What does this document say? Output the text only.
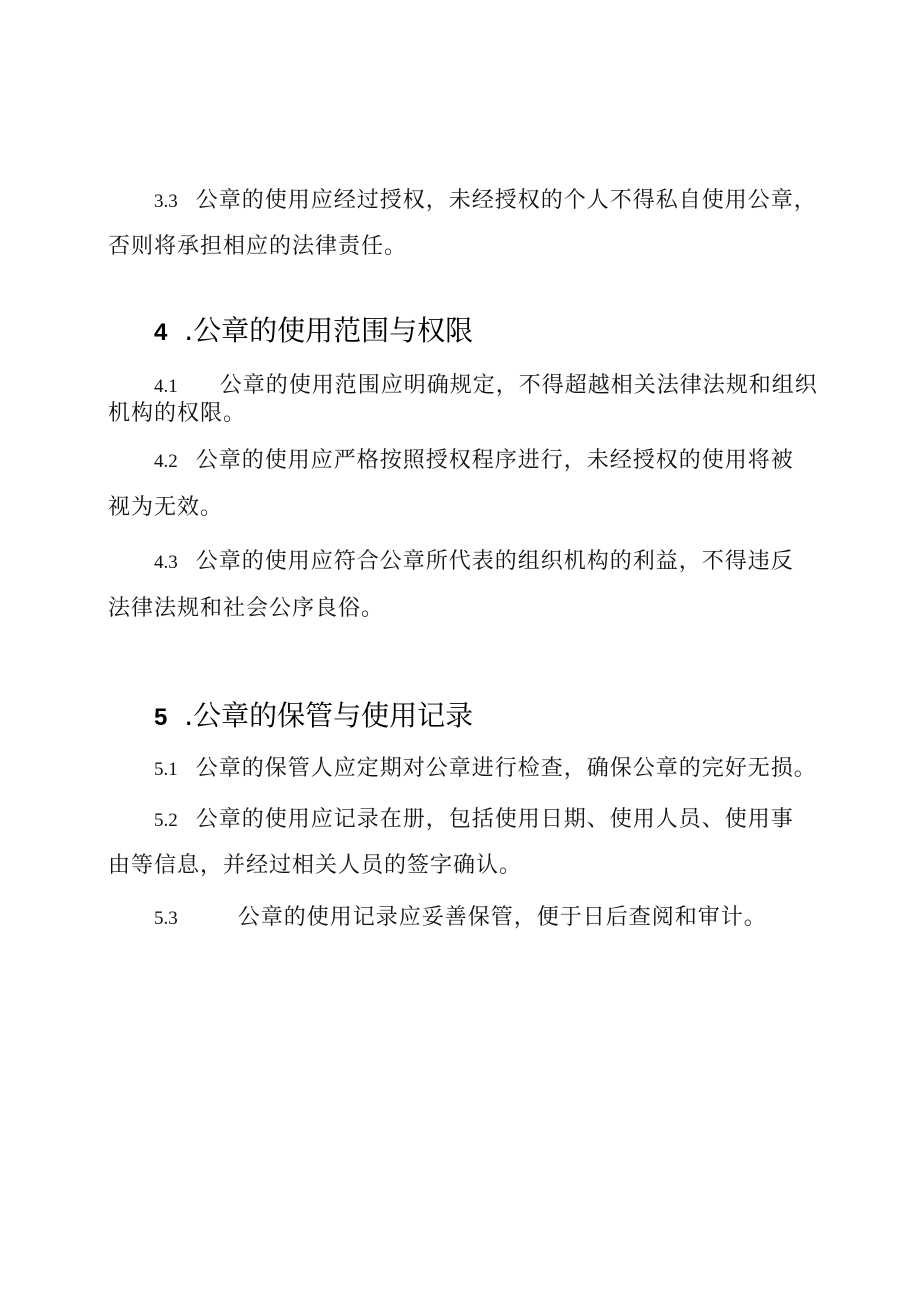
3.3 公章的使用应经过授权，未经授权的个人不得私自使用公章，
否则将承担相应的法律责任。
4 .公章的使用范围与权限
4.1 公章的使用范围应明确规定，不得超越相关法律法规和组织
机构的权限。
4.2 公章的使用应严格按照授权程序进行，未经授权的使用将被
视为无效。
4.3 公章的使用应符合公章所代表的组织机构的利益，不得违反
法律法规和社会公序良俗。
5 .公章的保管与使用记录
5.1 公章的保管人应定期对公章进行检查，确保公章的完好无损。
5.2 公章的使用应记录在册，包括使用日期、使用人员、使用事
由等信息，并经过相关人员的签字确认。
5.3	公章的使用记录应妥善保管，便于日后查阅和审计。
